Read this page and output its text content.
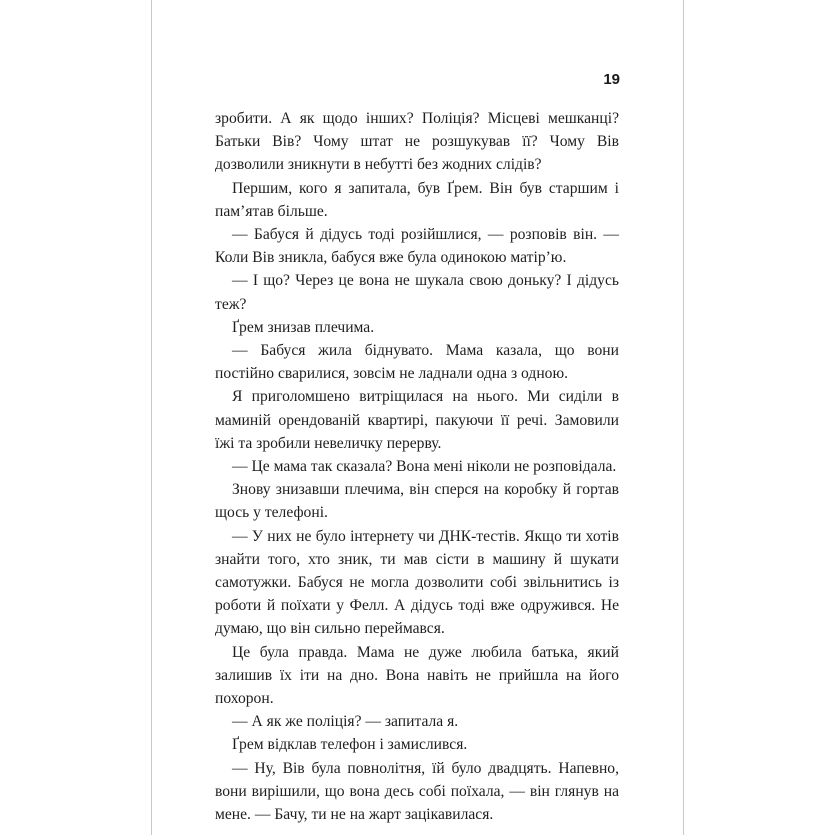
19

зробити. А як щодо інших? Поліція? Місцеві мешканці? Батьки Вів? Чому штат не розшукував її? Чому Вів дозволили зникнути в небутті без жодних слідів?

Першим, кого я запитала, був Ґрем. Він був старшим і пам’ятав більше.

— Бабуся й дідусь тоді розійшлися, — розповів він. — Коли Вів зникла, бабуся вже була одинокою матір’ю.

— І що? Через це вона не шукала свою доньку? І дідусь теж?

Ґрем знизав плечима.

— Бабуся жила біднувато. Мама казала, що вони постійно сварилися, зовсім не ладнали одна з одною.

Я приголомшено витріщилася на нього. Ми сиділи в маминій орендованій квартирі, пакуючи її речі. Замовили їжі та зробили невеличку перерву.

— Це мама так сказала? Вона мені ніколи не розповідала.

Знову знизавши плечима, він сперся на коробку й гортав щось у телефоні.

— У них не було інтернету чи ДНК-тестів. Якщо ти хотів знайти того, хто зник, ти мав сісти в машину й шукати самотужки. Бабуся не могла дозволити собі звільнитись із роботи й поїхати у Фелл. А дідусь тоді вже одружився. Не думаю, що він сильно переймався.

Це була правда. Мама не дуже любила батька, який залишив їх іти на дно. Вона навіть не прийшла на його похорон.

— А як же поліція? — запитала я.

Ґрем відклав телефон і замислився.

— Ну, Вів була повнолітня, їй було двадцять. Напевно, вони вирішили, що вона десь собі поїхала, — він глянув на мене. — Бачу, ти не на жарт зацікавилася.
